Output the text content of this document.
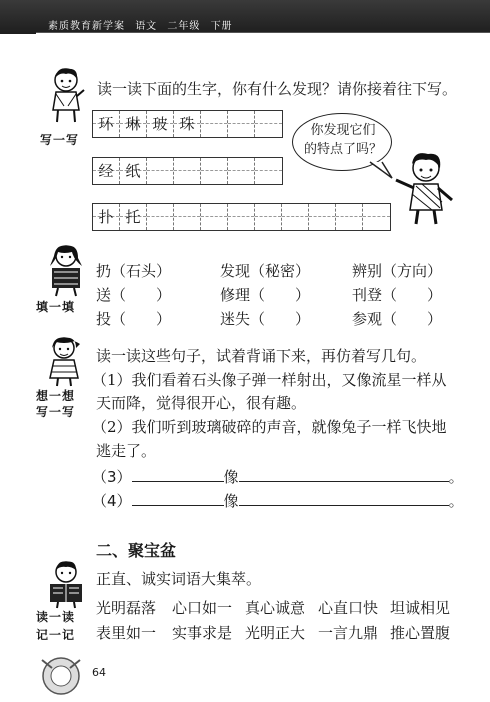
素质教育新学案 语文 二年级 下册
写一写
读一读下面的生字，你有什么发现？请你接着往下写。
环 琳 玻 珠
经 纸
扑 托
你发现它们
的特点了吗？
填一填
扔（石头）	发现（秘密）	辨别（方向）
送（　　）	修理（　　）	刊登（　　）
投（　　）	迷失（　　）	参观（　　）
想一想
写一写
读一读这些句子，试着背诵下来，再仿着写几句。
（1）我们看着石头像子弹一样射出，又像流星一样从
天而降，觉得很开心，很有趣。
（2）我们听到玻璃破碎的声音，就像兔子一样飞快地
逃走了。
（3）	像	。
（4）	像	。
二、聚宝盆
读一读
记一记
正直、诚实词语大集萃。
光明磊落 心口如一 真心诚意 心直口快 坦诚相见
表里如一 实事求是 光明正大 一言九鼎 推心置腹
64
